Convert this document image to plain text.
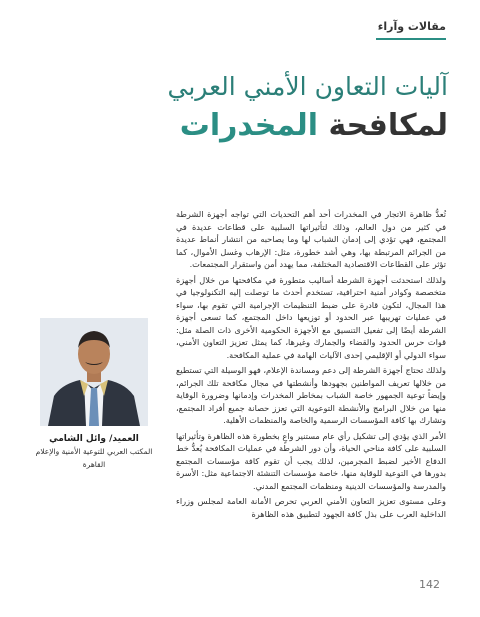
مقالات وآراء
آليات التعاون الأمني العربي
لمكافحة المخدرات
العميد/ وائل الشامي
المكتب العربي للتوعية الأمنية والإعلام
القاهرة

تُعدُّ ظاهرة الاتجار في المخدرات أحد أهم التحديات التي تواجه أجهزة الشرطة في كثير من دول العالم، وذلك لتأثيراتها السلبية على قطاعات عديدة في المجتمع، فهي تؤدي إلى إدمان الشباب لها وما يصاحبه من انتشار أنماط عديدة من الجرائم المرتبطة بها، وهي أشد خطورة، مثل: الإرهاب وغسل الأموال، كما تؤثر على القطاعات الاقتصادية المختلفة، مما يهدد أمن واستقرار المجتمعات.

ولذلك استحدثت أجهزة الشرطة أساليب متطورة في مكافحتها من خلال أجهزة متخصصة وكوادر أمنية احترافية، تستخدم أحدث ما توصلت إليه التكنولوجيا في هذا المجال، لتكون قادرة على ضبط التنظيمات الإجرامية التي تقوم بها، سواء في عمليات تهريبها عبر الحدود أو توزيعها داخل المجتمع، كما تسعى أجهزة الشرطة أيضًا إلى تفعيل التنسيق مع الأجهزة الحكومية الأخرى ذات الصلة مثل: قوات حرس الحدود والقضاء والجمارك وغيرها، كما يمثل تعزيز التعاون الأمني، سواء الدولي أو الإقليمي إحدى الآليات الهامة في عملية المكافحة.

ولذلك تحتاج أجهزة الشرطة إلى دعم ومساندة الإعلام، فهو الوسيلة التي تستطيع من خلالها تعريف المواطنين بجهودها وأنشطتها في مجال مكافحة تلك الجرائم، وإيضاً توعية الجمهور خاصة الشباب بمخاطر المخدرات وإدمانها وضرورة الوقاية منها من خلال البرامج والأنشطة التوعوية التي تعزز حصانة جميع أفراد المجتمع، وتشارك بها كافة المؤسسات الرسمية والخاصة والمنظمات الأهلية.

الأمر الذي يؤدي إلى تشكيل رأي عام مستنير واعٍ بخطورة هذه الظاهرة وتأثيراتها السلبية على كافة مناحي الحياة، وأن دور الشرطة في عمليات المكافحة يُعدُّ خط الدفاع الأخير لضبط المجرمين، لذلك يجب أن تقوم كافة مؤسسات المجتمع بدورها في التوعية للوقاية منها، خاصة مؤسسات التنشئة الاجتماعية مثل: الأسرة والمدرسة والمؤسسات الدينية ومنظمات المجتمع المدني.

وعلى مستوى تعزيز التعاون الأمني العربي تحرص الأمانة العامة لمجلس وزراء الداخلية العرب على بذل كافة الجهود لتطبيق هذه الظاهرة

142
